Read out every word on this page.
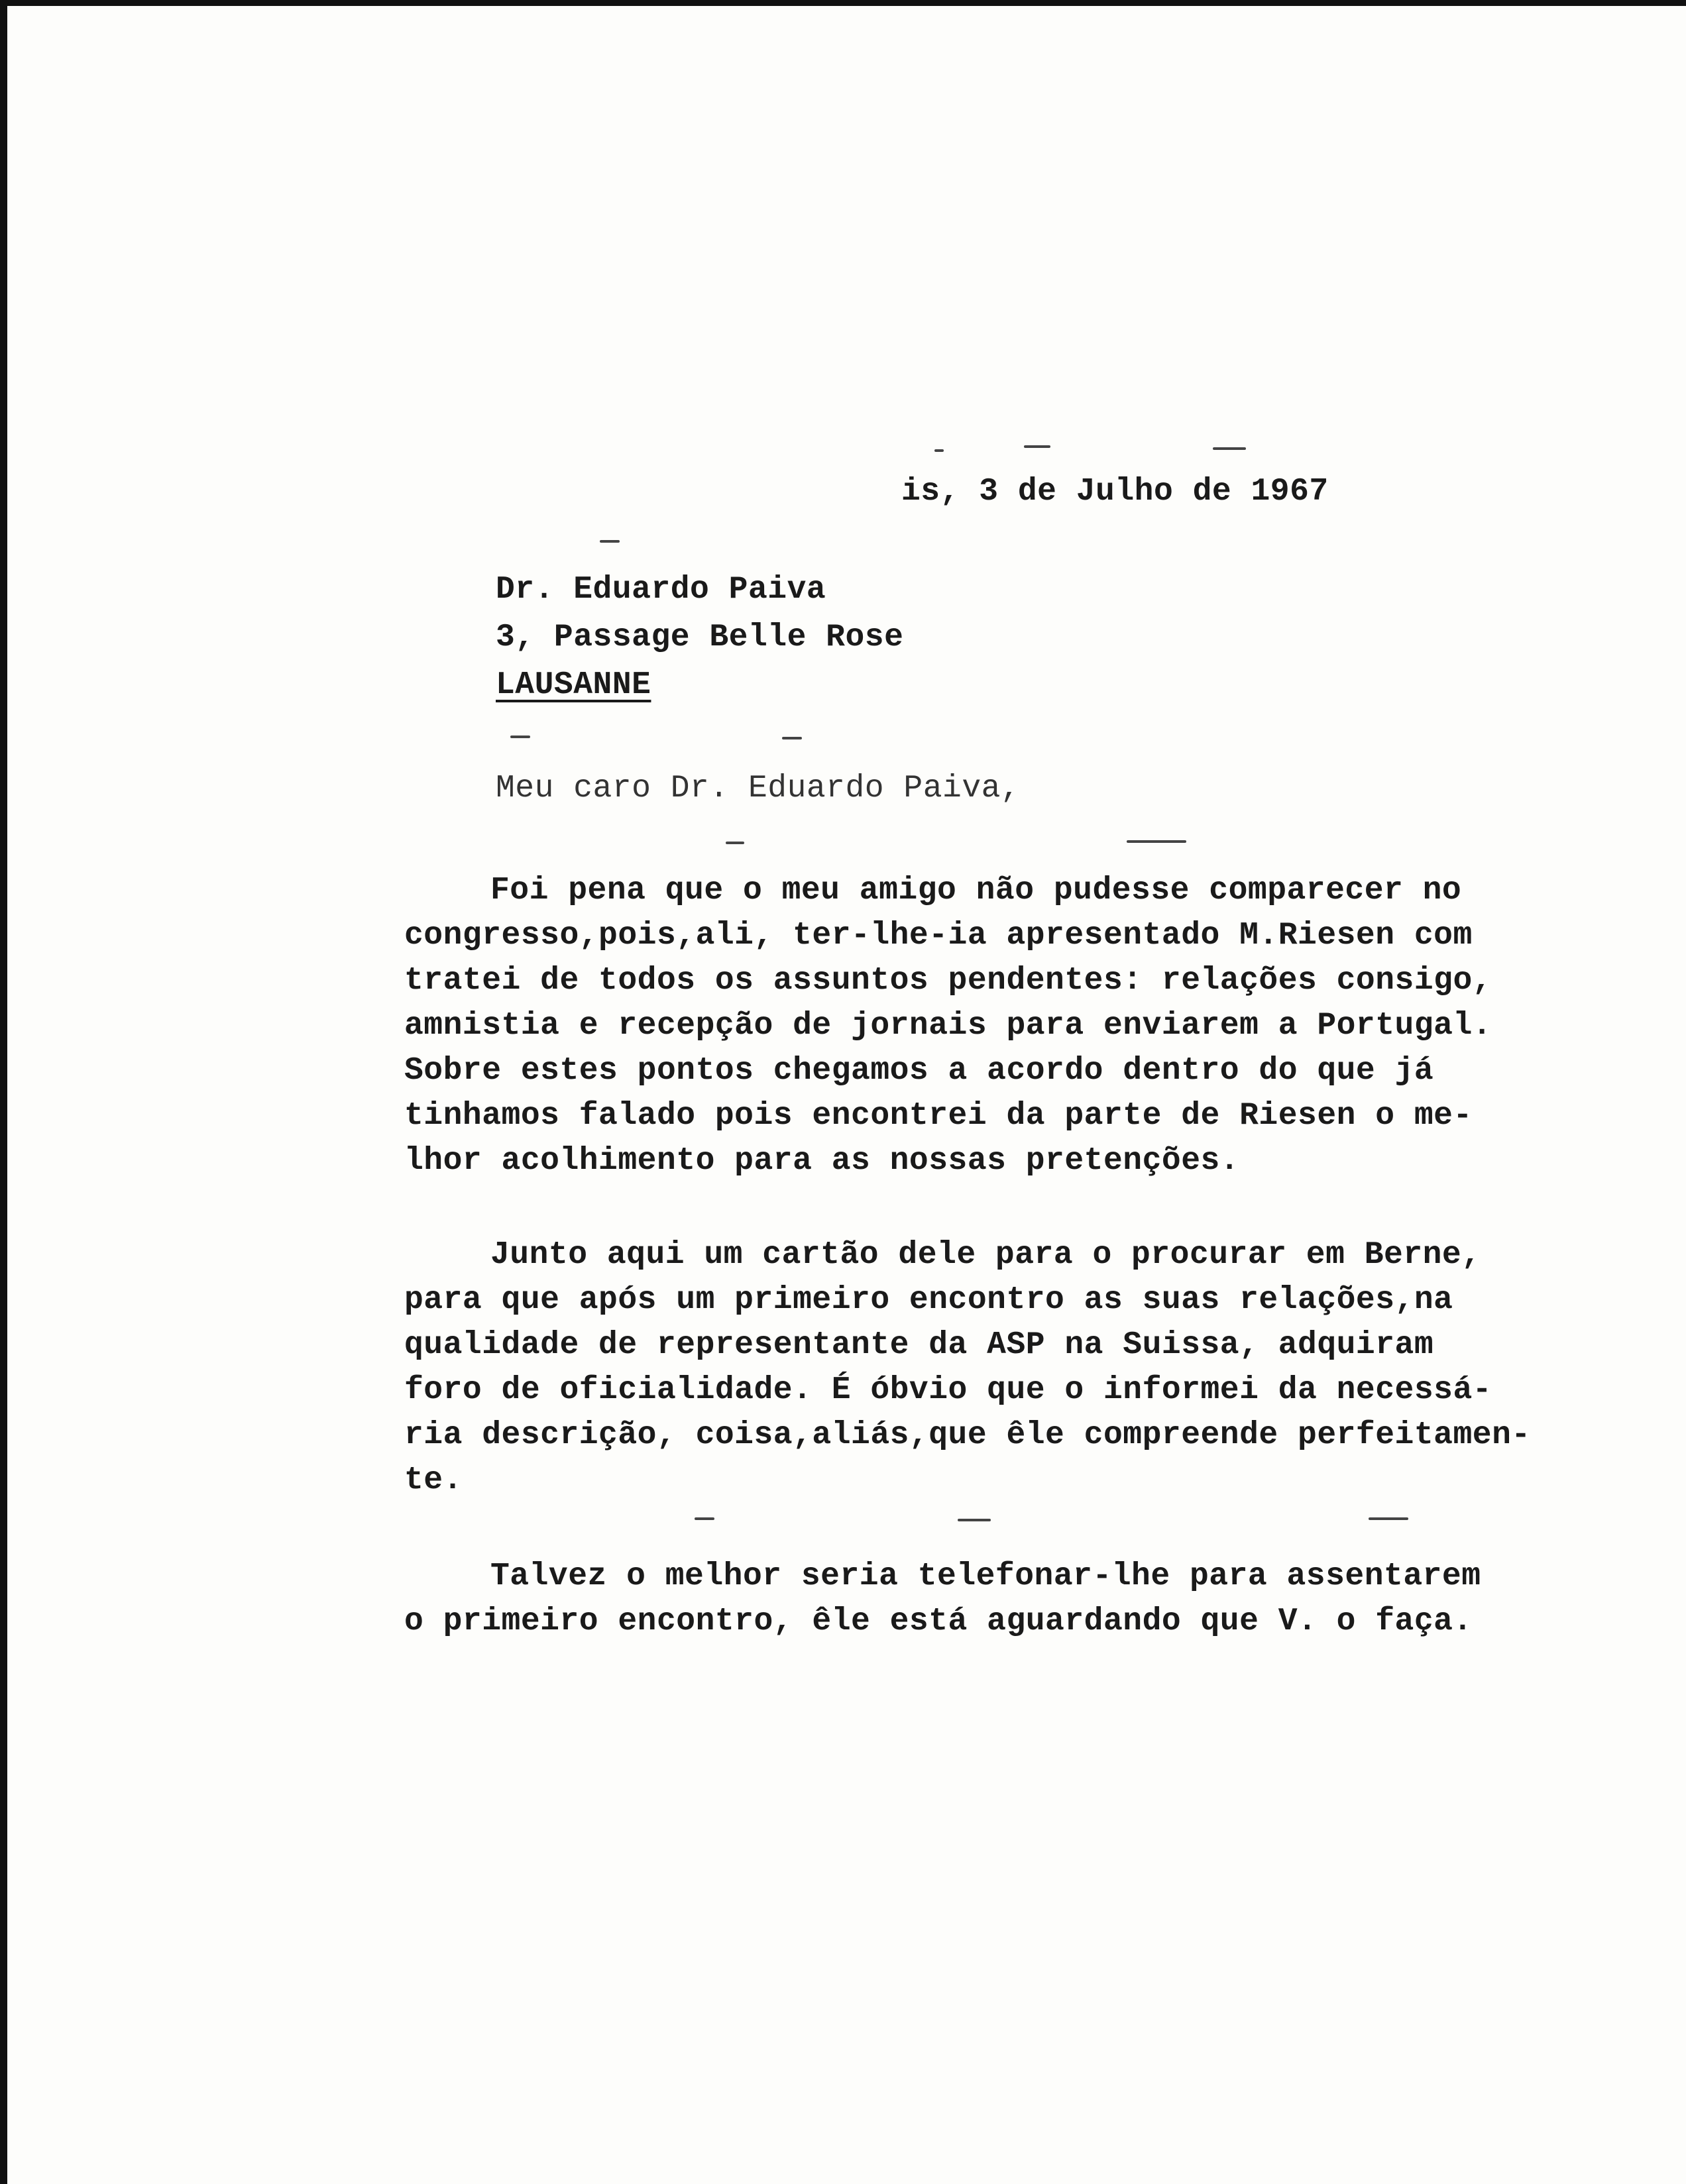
is, 3 de Julho de 1967

Dr. Eduardo Paiva

3, Passage Belle Rose

LAUSANNE

Meu caro Dr. Eduardo Paiva,

Foi pena que o meu amigo não pudesse comparecer no
congresso,pois,ali, ter-lhe-ia apresentado M.Riesen com
tratei de todos os assuntos pendentes: relações consigo,
amnistia e recepção de jornais para enviarem a Portugal.
Sobre estes pontos chegamos a acordo dentro do que já
tinhamos falado pois encontrei da parte de Riesen o me-
lhor acolhimento para as nossas pretenções.
Junto aqui um cartão dele para o procurar em Berne,
para que após um primeiro encontro as suas relações,na
qualidade de representante da ASP na Suissa, adquiram
foro de oficialidade. É óbvio que o informei da necessá-
ria descrição, coisa,aliás,que êle compreende perfeitamen-
te.
Talvez o melhor seria telefonar-lhe para assentarem
o primeiro encontro, êle está aguardando que V. o faça.
